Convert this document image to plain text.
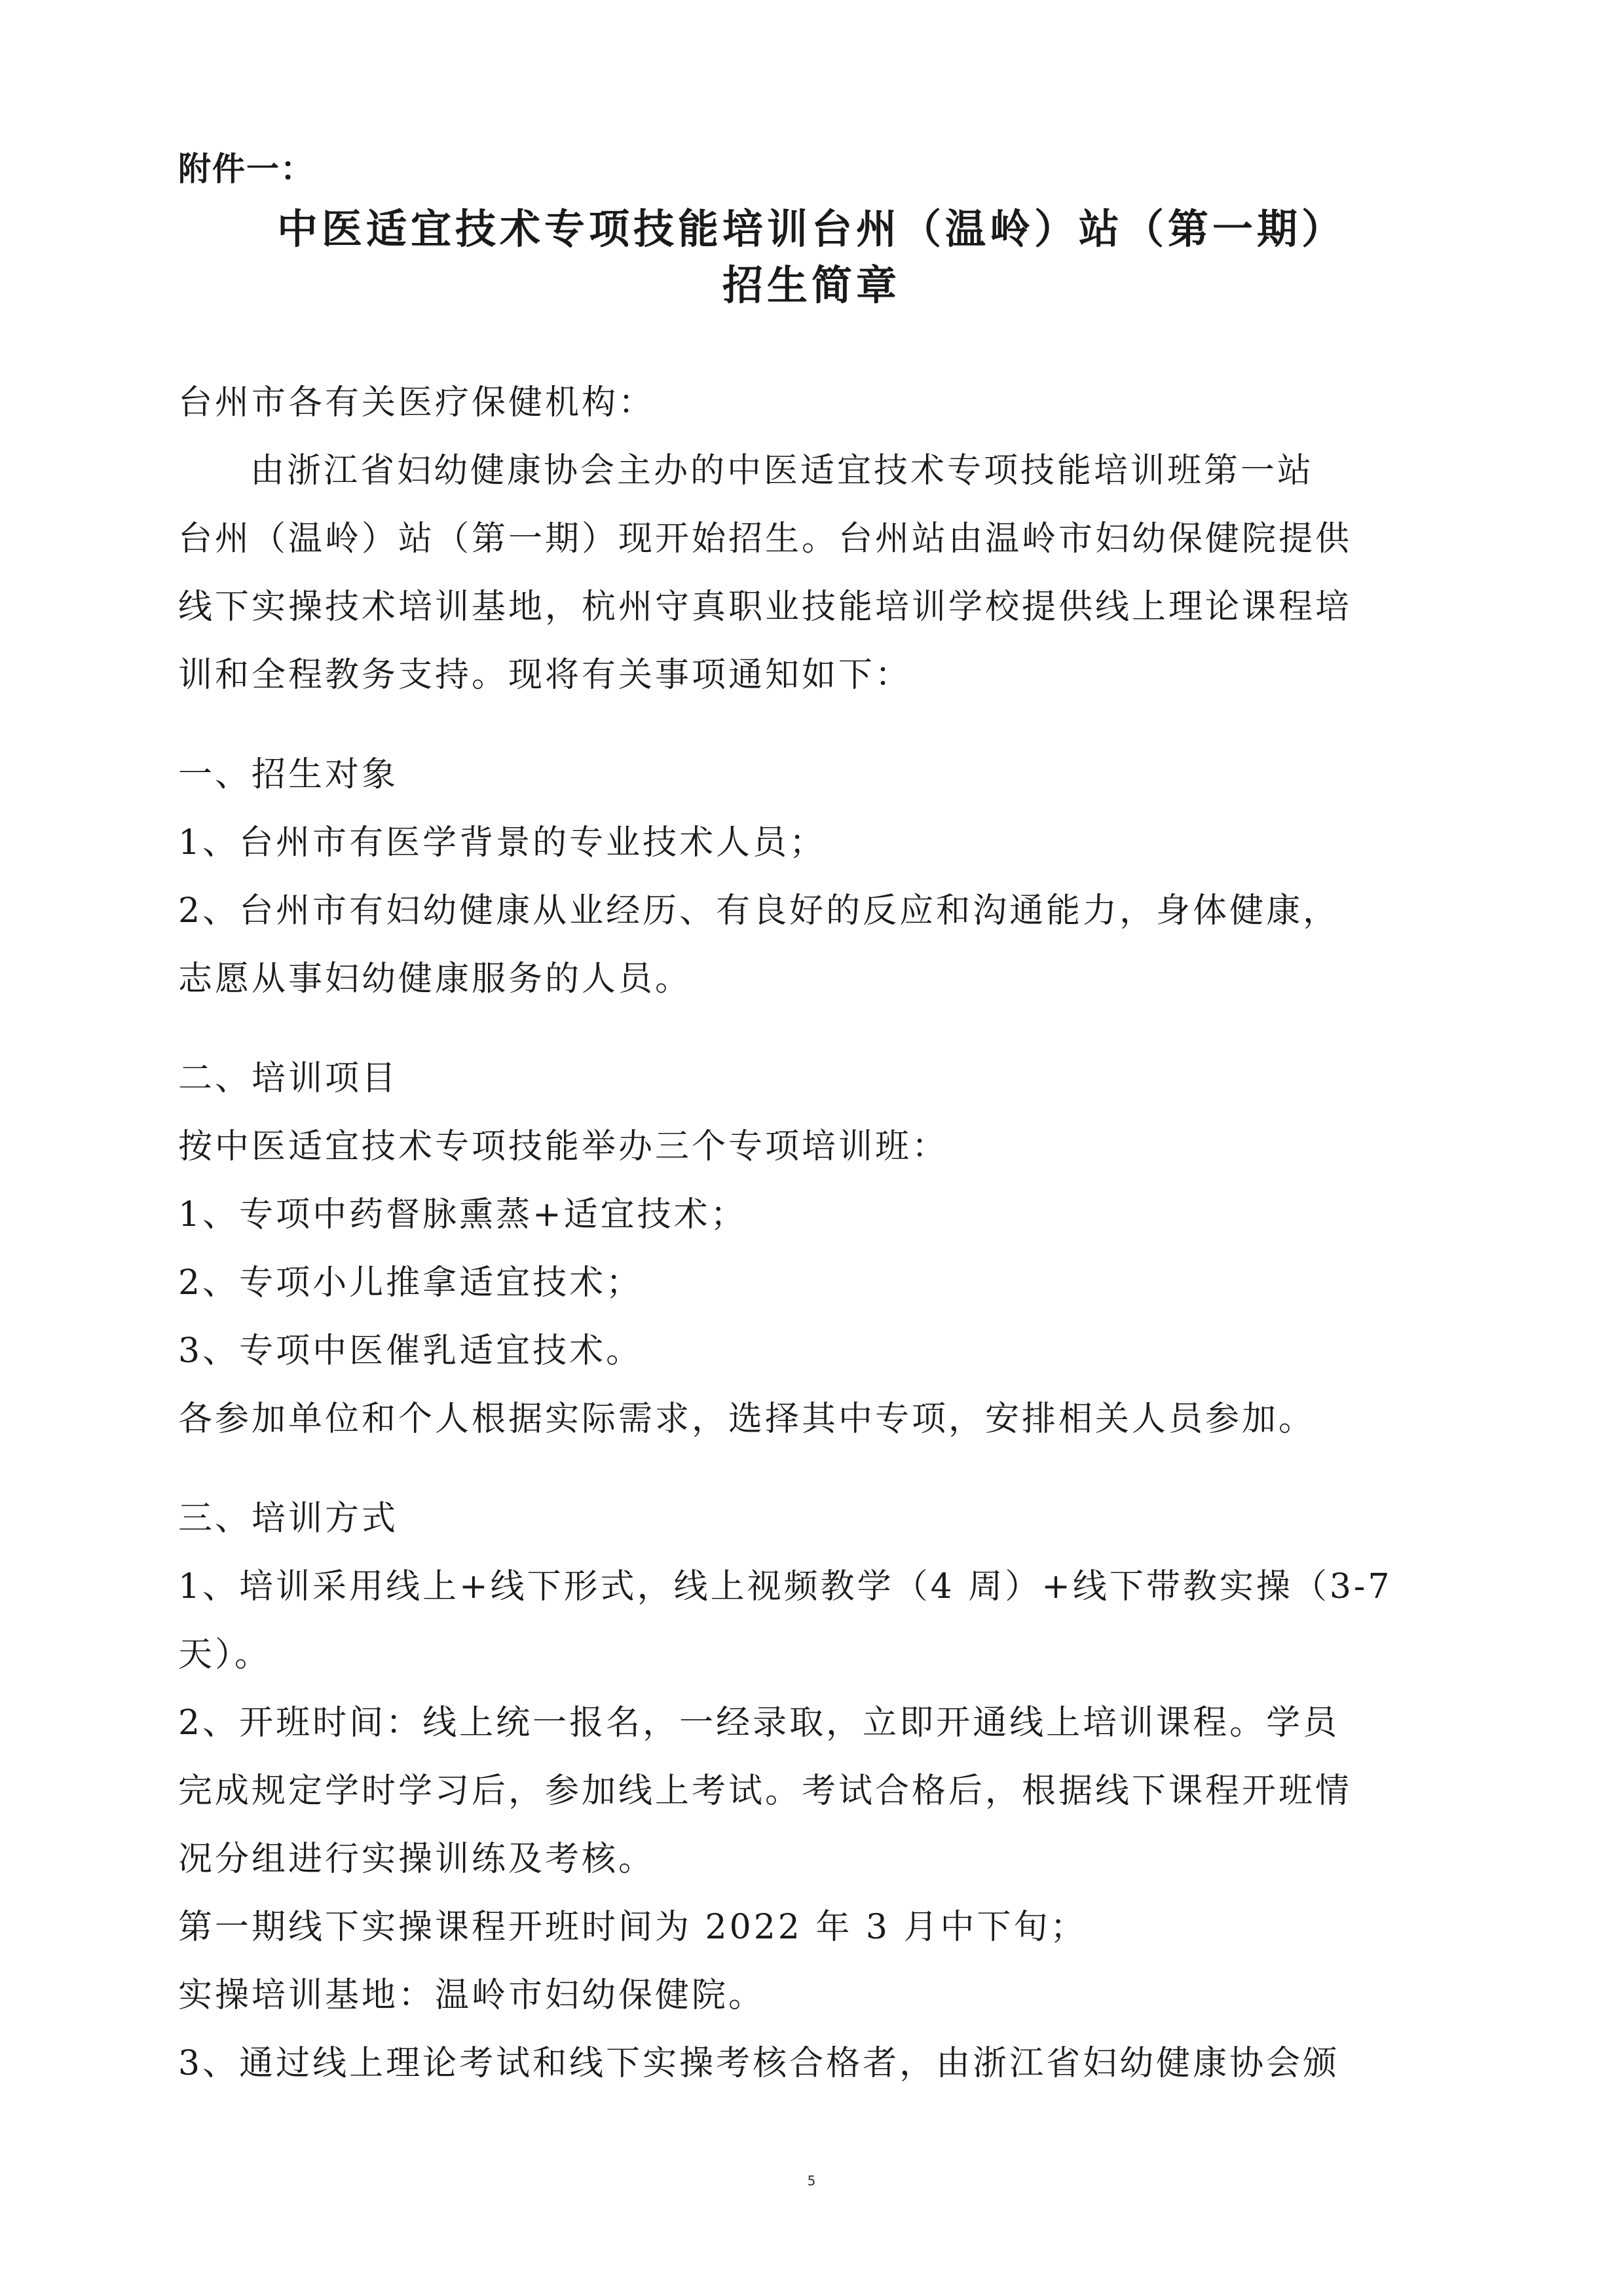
附件一：
中医适宜技术专项技能培训台州（温岭）站（第一期）
招生简章
台州市各有关医疗保健机构：
由浙江省妇幼健康协会主办的中医适宜技术专项技能培训班第一站
台州（温岭）站（第一期）现开始招生。台州站由温岭市妇幼保健院提供
线下实操技术培训基地，杭州守真职业技能培训学校提供线上理论课程培
训和全程教务支持。现将有关事项通知如下：
一、招生对象
1、台州市有医学背景的专业技术人员；
2、台州市有妇幼健康从业经历、有良好的反应和沟通能力，身体健康，
志愿从事妇幼健康服务的人员。
二、培训项目
按中医适宜技术专项技能举办三个专项培训班：
1、专项中药督脉熏蒸+适宜技术；
2、专项小儿推拿适宜技术；
3、专项中医催乳适宜技术。
各参加单位和个人根据实际需求，选择其中专项，安排相关人员参加。
三、培训方式
1、培训采用线上+线下形式，线上视频教学（4 周）+线下带教实操（3-7
天）。
2、开班时间：线上统一报名，一经录取，立即开通线上培训课程。学员
完成规定学时学习后，参加线上考试。考试合格后，根据线下课程开班情
况分组进行实操训练及考核。
第一期线下实操课程开班时间为 2022 年 3 月中下旬；
实操培训基地：温岭市妇幼保健院。
3、通过线上理论考试和线下实操考核合格者，由浙江省妇幼健康协会颁
5
